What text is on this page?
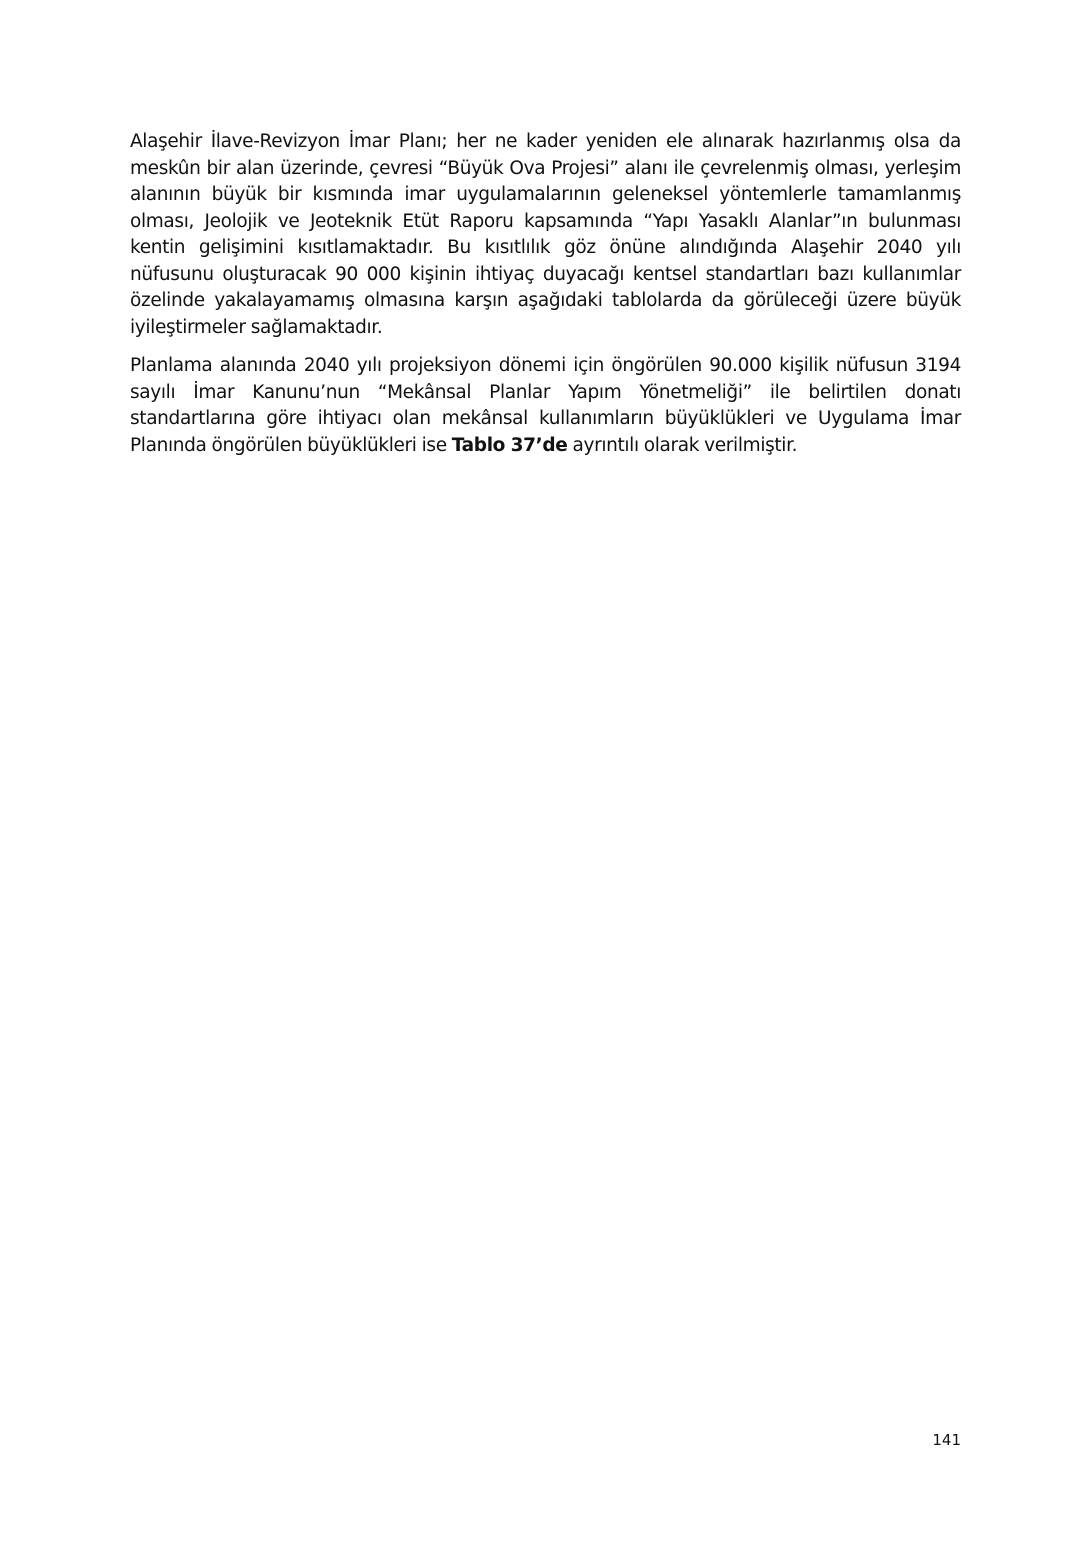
Alaşehir İlave-Revizyon İmar Planı; her ne kader yeniden ele alınarak hazırlanmış olsa da meskûn bir alan üzerinde, çevresi “Büyük Ova Projesi” alanı ile çevrelenmiş olması, yerleşim alanının büyük bir kısmında imar uygulamalarının geleneksel yöntemlerle tamamlanmış olması, Jeolojik ve Jeoteknik Etüt Raporu kapsamında “Yapı Yasaklı Alanlar”ın bulunması kentin gelişimini kısıtlamaktadır. Bu kısıtlılık göz önüne alındığında Alaşehir 2040 yılı nüfusunu oluşturacak 90 000 kişinin ihtiyaç duyacağı kentsel standartları bazı kullanımlar özelinde yakalayamamış olmasına karşın aşağıdaki tablolarda da görüleceği üzere büyük iyileştirmeler sağlamaktadır.

Planlama alanında 2040 yılı projeksiyon dönemi için öngörülen 90.000 kişilik nüfusun 3194 sayılı İmar Kanunu’nun “Mekânsal Planlar Yapım Yönetmeliği” ile belirtilen donatı standartlarına göre ihtiyacı olan mekânsal kullanımların büyüklükleri ve Uygulama İmar Planında öngörülen büyüklükleri ise Tablo 37’de ayrıntılı olarak verilmiştir.

141
